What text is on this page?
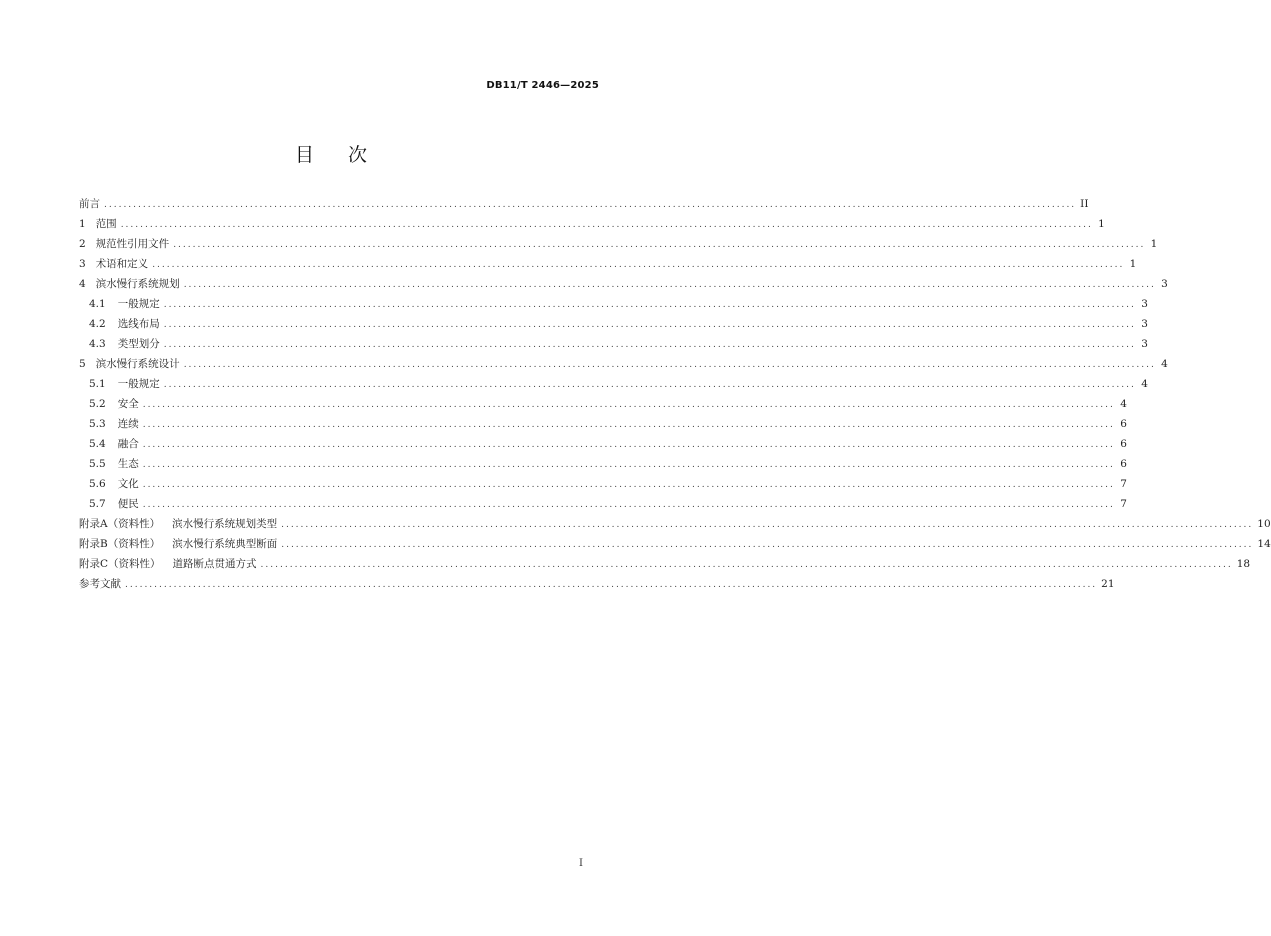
DB11/T 2446—2025
目 次
前言 ........................................................................................................................................................................................................ II
1 范围 ........................................................................................................................................................................................................ 1
2 规范性引用文件 ........................................................................................................................................................................................................ 1
3 术语和定义 ........................................................................................................................................................................................................ 1
4 滨水慢行系统规划 ........................................................................................................................................................................................................ 3
4.1 一般规定 ........................................................................................................................................................................................................ 3
4.2 选线布局 ........................................................................................................................................................................................................ 3
4.3 类型划分 ........................................................................................................................................................................................................ 3
5 滨水慢行系统设计 ........................................................................................................................................................................................................ 4
5.1 一般规定 ........................................................................................................................................................................................................ 4
5.2 安全 ........................................................................................................................................................................................................ 4
5.3 连续 ........................................................................................................................................................................................................ 6
5.4 融合 ........................................................................................................................................................................................................ 6
5.5 生态 ........................................................................................................................................................................................................ 6
5.6 文化 ........................................................................................................................................................................................................ 7
5.7 便民 ........................................................................................................................................................................................................ 7
附录A（资料性） 滨水慢行系统规划类型 ........................................................................................................................................................................................................ 10
附录B（资料性） 滨水慢行系统典型断面 ........................................................................................................................................................................................................ 14
附录C（资料性） 道路断点贯通方式 ........................................................................................................................................................................................................ 18
参考文献 ........................................................................................................................................................................................................ 21
I
